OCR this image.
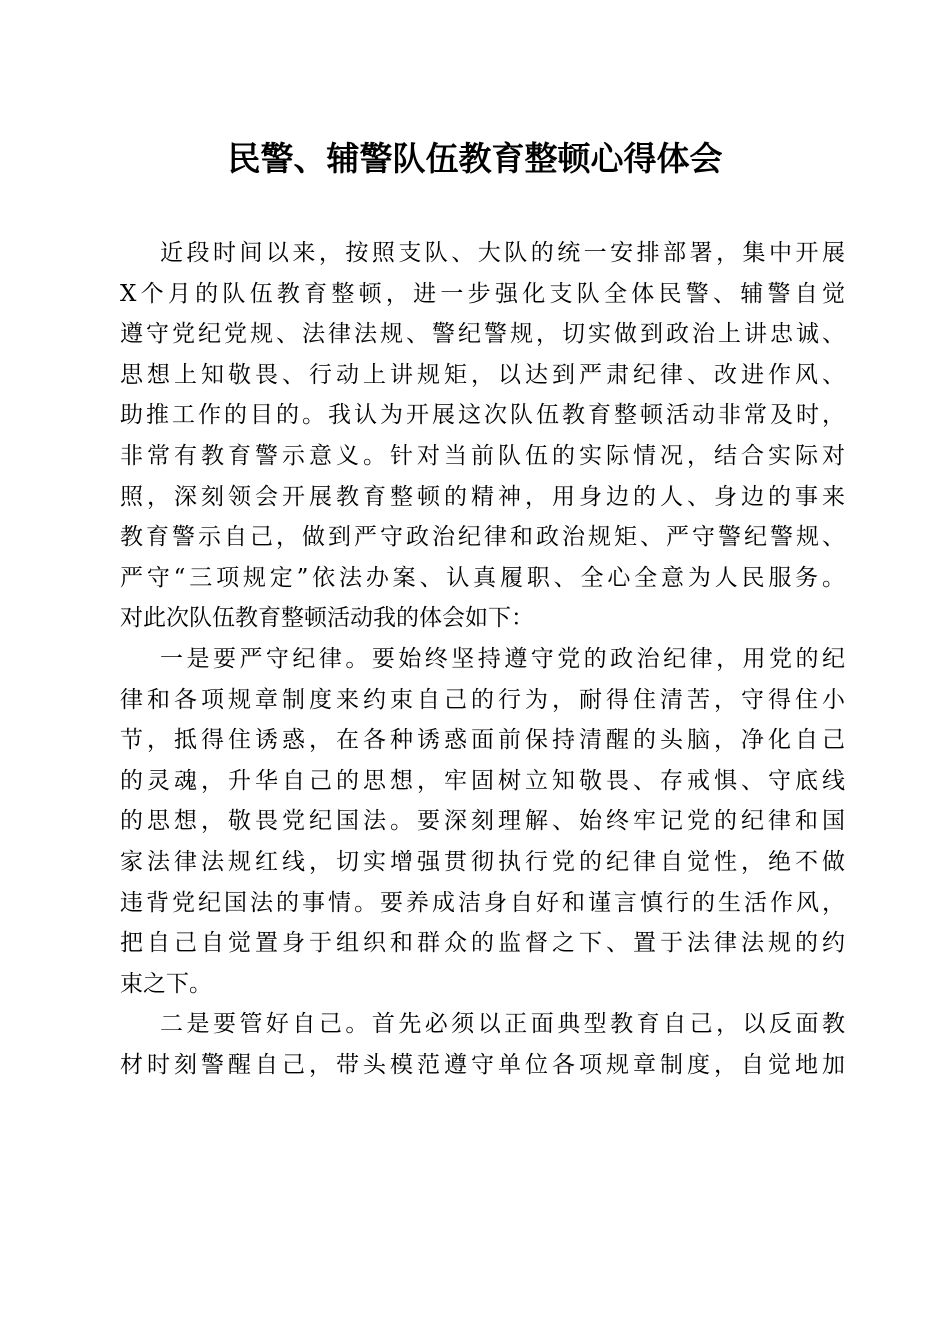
民警、辅警队伍教育整顿心得体会
近段时间以来，按照支队、大队的统一安排部署，集中开展
X个月的队伍教育整顿，进一步强化支队全体民警、辅警自觉
遵守党纪党规、法律法规、警纪警规，切实做到政治上讲忠诚、
思想上知敬畏、行动上讲规矩，以达到严肃纪律、改进作风、
助推工作的目的。我认为开展这次队伍教育整顿活动非常及时，
非常有教育警示意义。针对当前队伍的实际情况，结合实际对
照，深刻领会开展教育整顿的精神，用身边的人、身边的事来
教育警示自己，做到严守政治纪律和政治规矩、严守警纪警规、
严守“三项规定”依法办案、认真履职、全心全意为人民服务。
对此次队伍教育整顿活动我的体会如下：
一是要严守纪律。要始终坚持遵守党的政治纪律，用党的纪
律和各项规章制度来约束自己的行为，耐得住清苦，守得住小
节，抵得住诱惑，在各种诱惑面前保持清醒的头脑，净化自己
的灵魂，升华自己的思想，牢固树立知敬畏、存戒惧、守底线
的思想，敬畏党纪国法。要深刻理解、始终牢记党的纪律和国
家法律法规红线，切实增强贯彻执行党的纪律自觉性，绝不做
违背党纪国法的事情。要养成洁身自好和谨言慎行的生活作风，
把自己自觉置身于组织和群众的监督之下、置于法律法规的约
束之下。
二是要管好自己。首先必须以正面典型教育自己，以反面教
材时刻警醒自己，带头模范遵守单位各项规章制度，自觉地加
